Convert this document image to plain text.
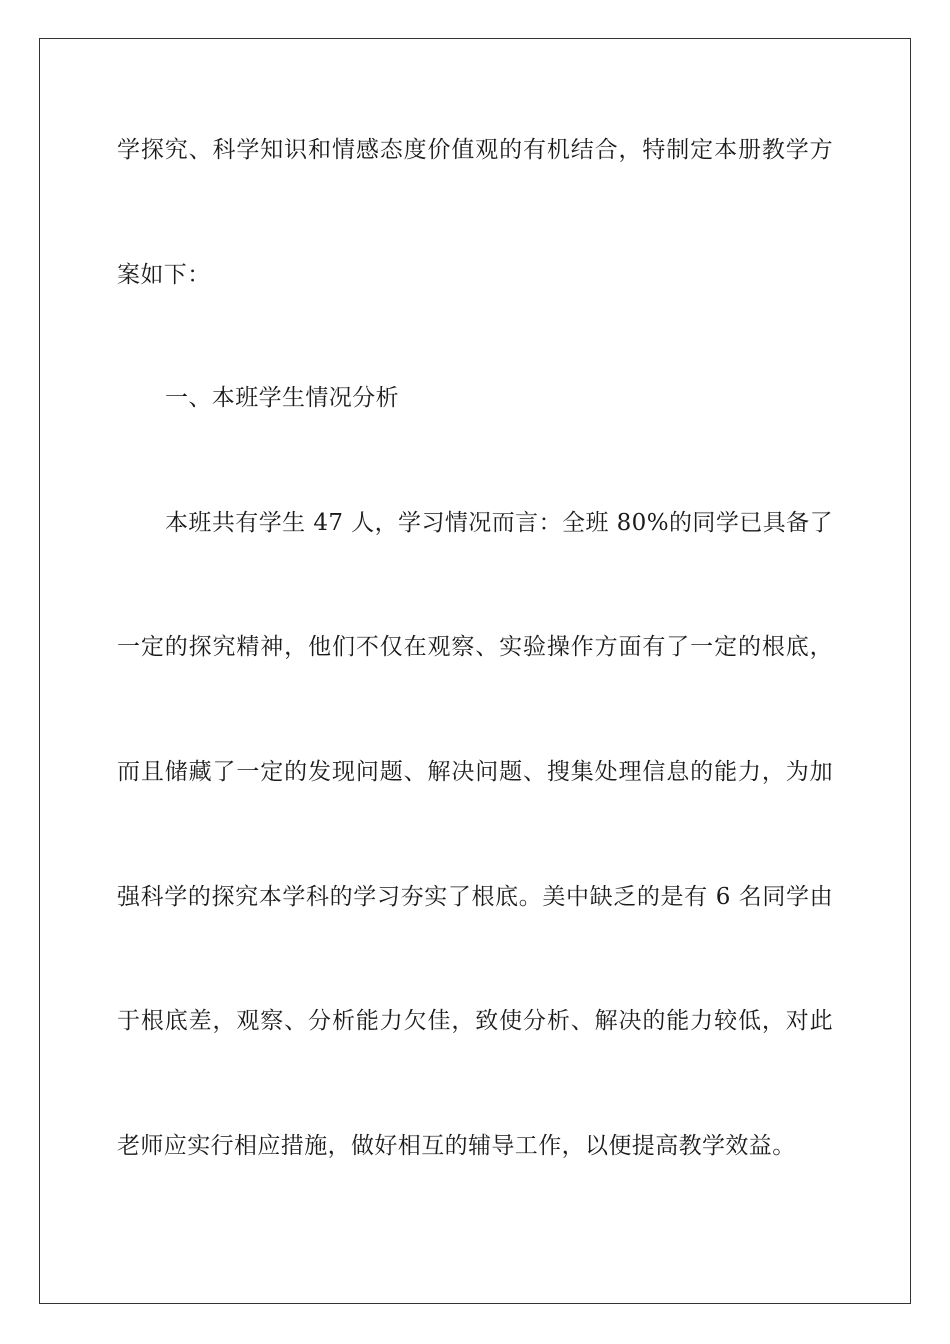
学探究、科学知识和情感态度价值观的有机结合，特制定本册教学方
案如下：
一、本班学生情况分析
本班共有学生 47 人，学习情况而言：全班 80%的同学已具备了
一定的探究精神，他们不仅在观察、实验操作方面有了一定的根底，
而且储藏了一定的发现问题、解决问题、搜集处理信息的能力，为加
强科学的探究本学科的学习夯实了根底。美中缺乏的是有 6 名同学由
于根底差，观察、分析能力欠佳，致使分析、解决的能力较低，对此
老师应实行相应措施，做好相互的辅导工作，以便提高教学效益。
